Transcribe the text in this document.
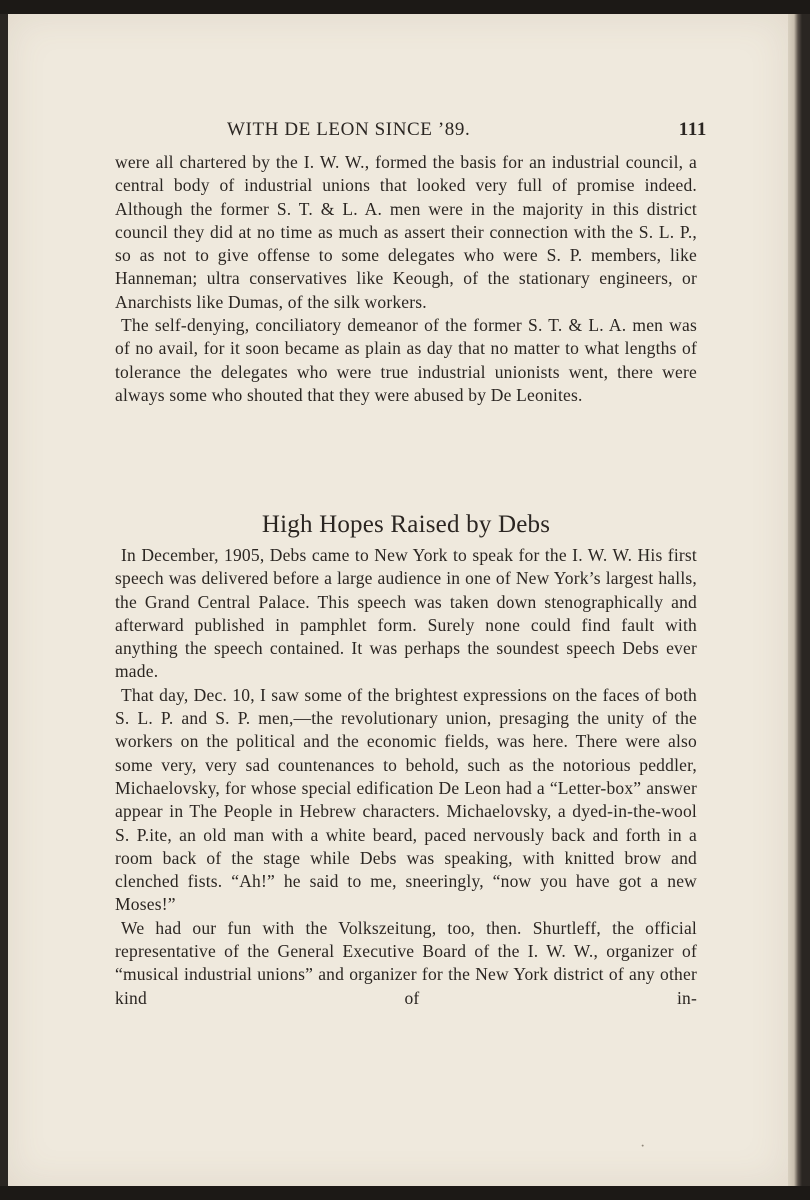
WITH DE LEON SINCE ’89.	111

were all chartered by the I. W. W., formed the basis for an industrial council, a central body of industrial unions that looked very full of promise indeed. Although the former S. T. & L. A. men were in the majority in this district council they did at no time as much as assert their connection with the S. L. P., so as not to give offense to some delegates who were S. P. members, like Hanneman; ultra conservatives like Keough, of the stationary engineers, or Anarchists like Dumas, of the silk workers.

The self-denying, conciliatory demeanor of the former S. T. & L. A. men was of no avail, for it soon became as plain as day that no matter to what lengths of tolerance the delegates who were true industrial unionists went, there were always some who shouted that they were abused by De Leonites.

High Hopes Raised by Debs

In December, 1905, Debs came to New York to speak for the I. W. W. His first speech was delivered before a large audience in one of New York’s largest halls, the Grand Central Palace. This speech was taken down stenographically and afterward published in pamphlet form. Surely none could find fault with anything the speech contained. It was perhaps the soundest speech Debs ever made.

That day, Dec. 10, I saw some of the brightest expressions on the faces of both S. L. P. and S. P. men,—the revolutionary union, presaging the unity of the workers on the political and the economic fields, was here. There were also some very, very sad countenances to behold, such as the notorious peddler, Michaelovsky, for whose special edification De Leon had a “Letter-box” answer appear in The People in Hebrew characters. Michaelovsky, a dyed-in-the-wool S. P.ite, an old man with a white beard, paced nervously back and forth in a room back of the stage while Debs was speaking, with knitted brow and clenched fists. “Ah!” he said to me, sneeringly, “now you have got a new Moses!”

We had our fun with the Volkszeitung, too, then. Shurtleff, the official representative of the General Executive Board of the I. W. W., organizer of “musical industrial unions” and organizer for the New York district of any other kind of in-

·
